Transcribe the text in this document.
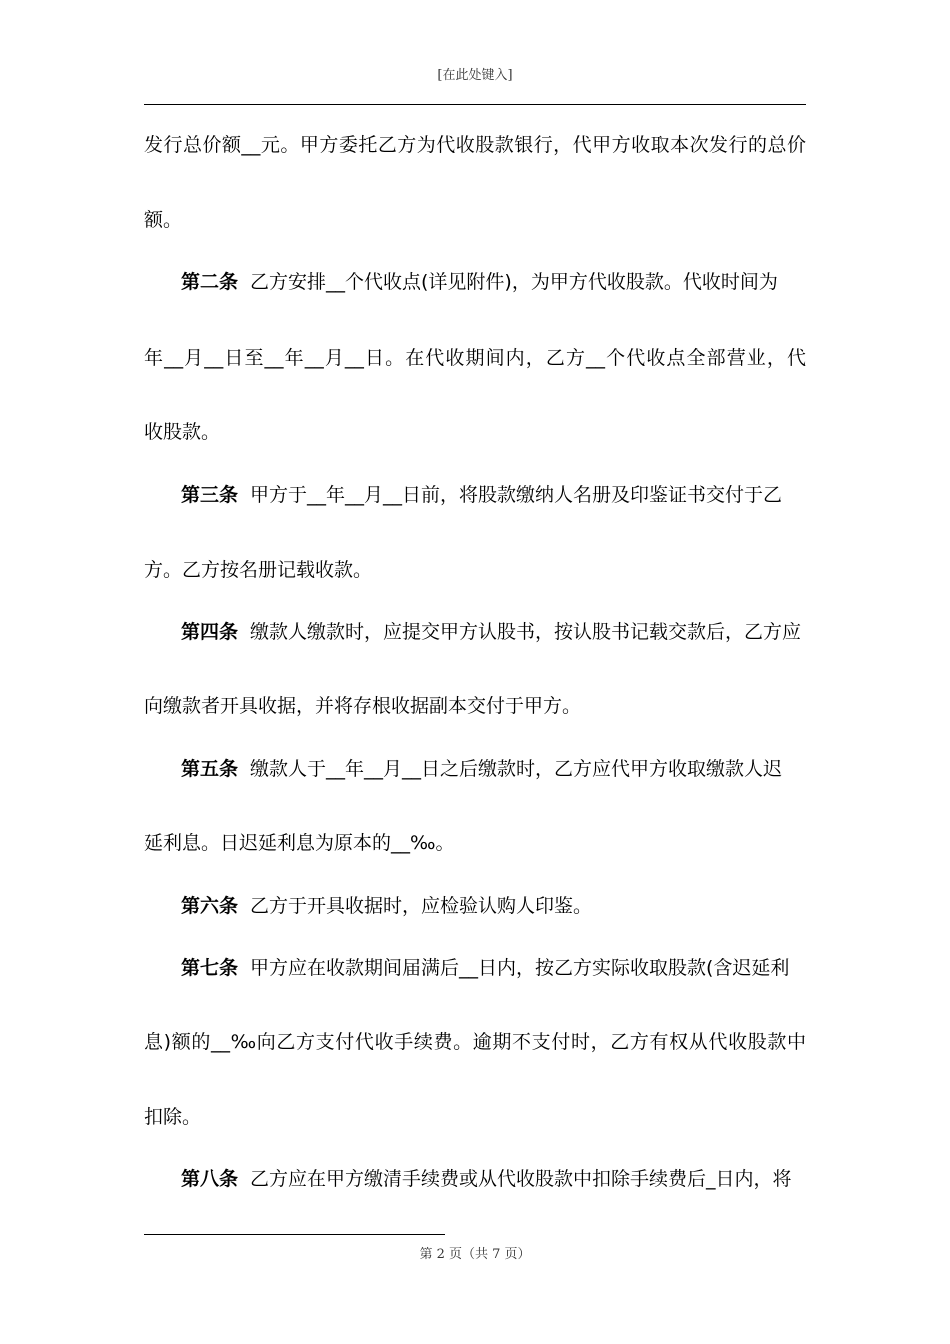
[在此处键入]
发行总价额__元。甲方委托乙方为代收股款银行，代甲方收取本次发行的总价
额。
第二条 乙方安排__个代收点(详见附件)，为甲方代收股款。代收时间为
年__月__日至__年__月__日。在代收期间内，乙方__个代收点全部营业，代
收股款。
第三条 甲方于__年__月__日前，将股款缴纳人名册及印鉴证书交付于乙
方。乙方按名册记载收款。
第四条 缴款人缴款时，应提交甲方认股书，按认股书记载交款后，乙方应
向缴款者开具收据，并将存根收据副本交付于甲方。
第五条 缴款人于__年__月__日之后缴款时，乙方应代甲方收取缴款人迟
延利息。日迟延利息为原本的__‰。
第六条 乙方于开具收据时，应检验认购人印鉴。
第七条 甲方应在收款期间届满后__日内，按乙方实际收取股款(含迟延利
息)额的__‰向乙方支付代收手续费。逾期不支付时，乙方有权从代收股款中
扣除。
第八条 乙方应在甲方缴清手续费或从代收股款中扣除手续费后_日内，将
第 2 页（共 7 页）
